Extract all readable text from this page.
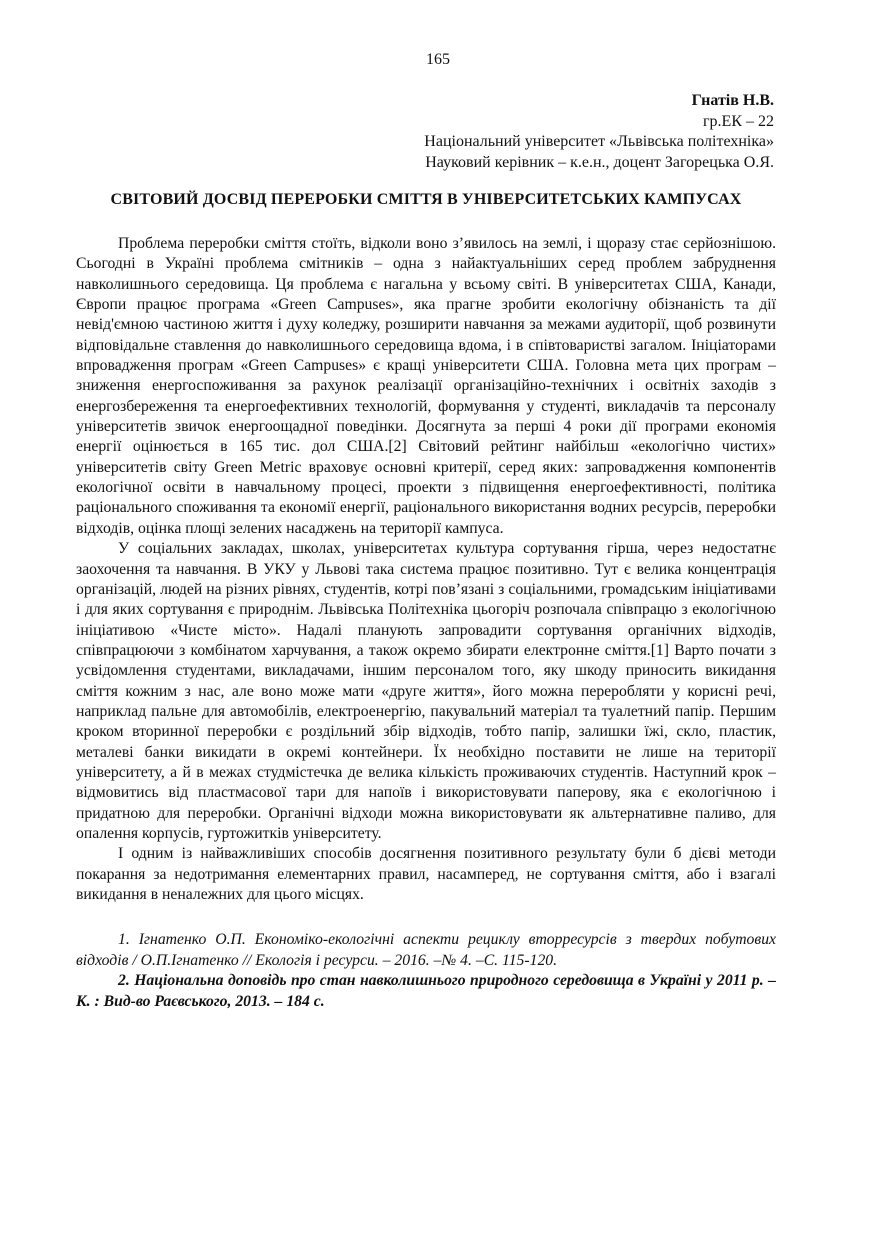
165
Гнатів Н.В.
гр.ЕК – 22
Національний університет «Львівська політехніка»
Науковий керівник – к.е.н., доцент Загорецька О.Я.
СВІТОВИЙ ДОСВІД ПЕРЕРОБКИ СМІТТЯ В УНІВЕРСИТЕТСЬКИХ КАМПУСАХ

Проблема переробки сміття стоїть, відколи воно з’явилось на землі, і щоразу стає серйознішою. Сьогодні в Україні проблема смітників – одна з найактуальніших серед проблем забруднення навколишнього середовища. Ця проблема є нагальна у всьому світі. В університетах США, Канади, Європи працює програма «Green Campuses», яка прагне зробити екологічну обізнаність та дії невід'ємною частиною життя і духу коледжу, розширити навчання за межами аудиторії, щоб розвинути відповідальне ставлення до навколишнього середовища вдома, і в співтоваристві загалом. Ініціаторами впровадження програм «Green Campuses» є кращі університети США. Головна мета цих програм – зниження енергоспоживання за рахунок реалізації організаційно-технічних і освітніх заходів з енергозбереження та енергоефективних технологій, формування у студенті, викладачів та персоналу університетів звичок енергоощадної поведінки. Досягнута за перші 4 роки дії програми економія енергії оцінюється в 165 тис. дол США.[2] Світовий рейтинг найбільш «екологічно чистих» університетів світу Green Metric враховує основні критерії, серед яких: запровадження компонентів екологічної освіти в навчальному процесі, проекти з підвищення енергоефективності, політика раціонального споживання та економії енергії, раціонального використання водних ресурсів, переробки відходів, оцінка площі зелених насаджень на території кампуса.

У соціальних закладах, школах, університетах культура сортування гірша, через недостатнє заохочення та навчання. В УКУ у Львові така система працює позитивно. Тут є велика концентрація організацій, людей на різних рівнях, студентів, котрі пов’язані з соціальними, громадським ініціативами і для яких сортування є природнім. Львівська Політехніка цьогоріч розпочала співпрацю з екологічною ініціативою «Чисте місто». Надалі планують запровадити сортування органічних відходів, співпрацюючи з комбінатом харчування, а також окремо збирати електронне сміття.[1] Варто почати з усвідомлення студентами, викладачами, іншим персоналом того, яку шкоду приносить викидання сміття кожним з нас, але воно може мати «друге життя», його можна переробляти у корисні речі, наприклад пальне для автомобілів, електроенергію, пакувальний матеріал та туалетний папір. Першим кроком вторинної переробки є роздільний збір відходів, тобто папір, залишки їжі, скло, пластик, металеві банки викидати в окремі контейнери. Їх необхідно поставити не лише на території університету, а й в межах студмістечка де велика кількість проживаючих студентів. Наступний крок – відмовитись від пластмасової тари для напоїв і використовувати паперову, яка є екологічною і придатною для переробки. Органічні відходи можна використовувати як альтернативне паливо, для опалення корпусів, гуртожитків університету.

І одним із найважливіших способів досягнення позитивного результату були б дієві методи покарання за недотримання елементарних правил, насамперед, не сортування сміття, або і взагалі викидання в неналежних для цього місцях.

1. Ігнатенко О.П. Економіко-екологічні аспекти рециклу вторресурсів з твердих побутових відходів / О.П.Ігнатенко // Екологія і ресурси. – 2016. –№ 4. –С. 115-120.

2. Національна доповідь про стан навколишнього природного середовища в Україні у 2011 р. –К. : Вид-во Раєвського, 2013. – 184 с.
